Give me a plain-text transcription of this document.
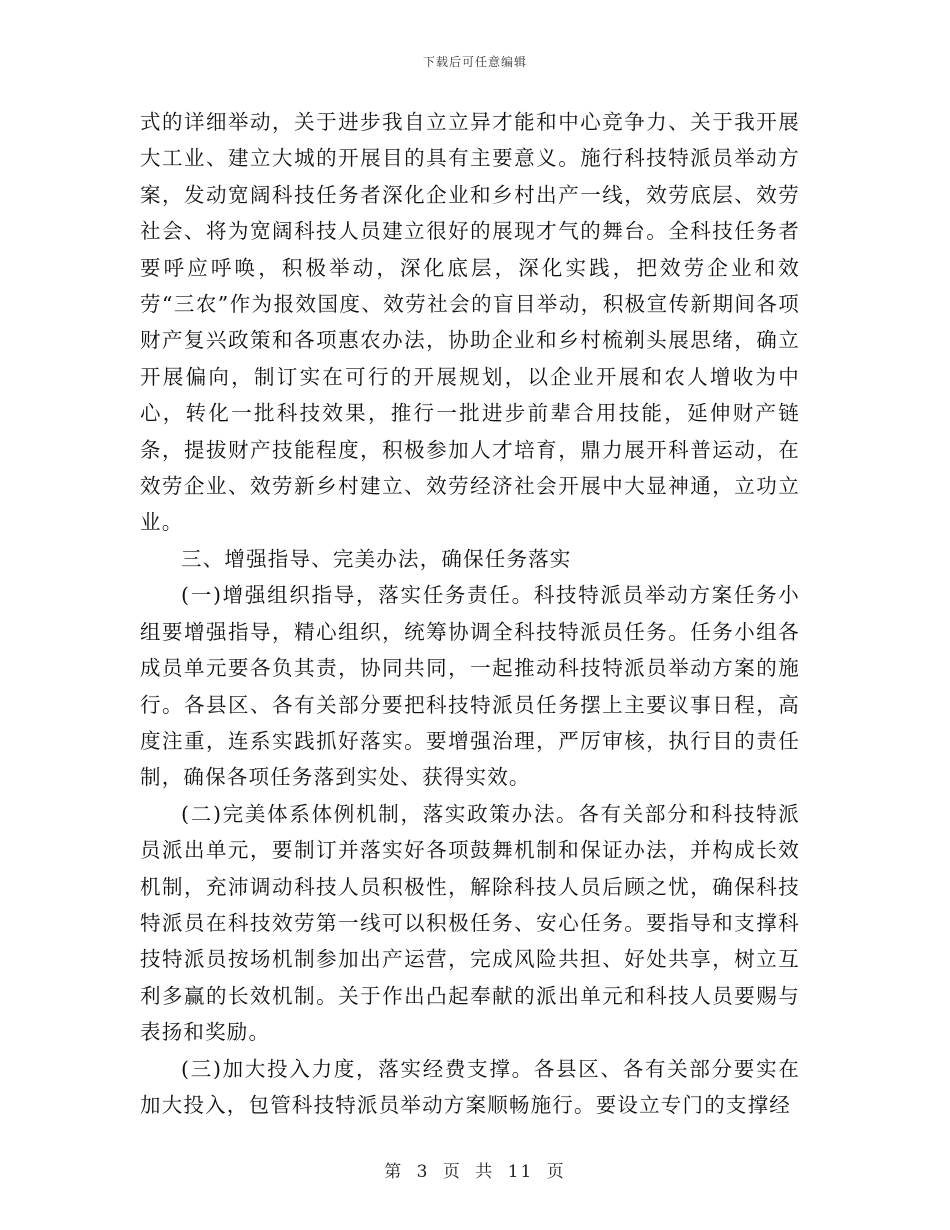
下载后可任意编辑

式的详细举动，关于进步我自立立异才能和中心竞争力、关于我开展大工业、建立大城的开展目的具有主要意义。施行科技特派员举动方案，发动宽阔科技任务者深化企业和乡村出产一线，效劳底层、效劳社会、将为宽阔科技人员建立很好的展现才气的舞台。全科技任务者要呼应呼唤，积极举动，深化底层，深化实践，把效劳企业和效劳“三农”作为报效国度、效劳社会的盲目举动，积极宣传新期间各项财产复兴政策和各项惠农办法，协助企业和乡村梳剃头展思绪，确立开展偏向，制订实在可行的开展规划，以企业开展和农人增收为中心，转化一批科技效果，推行一批进步前辈合用技能，延伸财产链条，提拔财产技能程度，积极参加人才培育，鼎力展开科普运动，在效劳企业、效劳新乡村建立、效劳经济社会开展中大显神通，立功立业。

三、增强指导、完美办法，确保任务落实

(一)增强组织指导，落实任务责任。科技特派员举动方案任务小组要增强指导，精心组织，统筹协调全科技特派员任务。任务小组各成员单元要各负其责，协同共同，一起推动科技特派员举动方案的施行。各县区、各有关部分要把科技特派员任务摆上主要议事日程，高度注重，连系实践抓好落实。要增强治理，严厉审核，执行目的责任制，确保各项任务落到实处、获得实效。

(二)完美体系体例机制，落实政策办法。各有关部分和科技特派员派出单元，要制订并落实好各项鼓舞机制和保证办法，并构成长效机制，充沛调动科技人员积极性，解除科技人员后顾之忧，确保科技特派员在科技效劳第一线可以积极任务、安心任务。要指导和支撑科技特派员按场机制参加出产运营，完成风险共担、好处共享，树立互利多赢的长效机制。关于作出凸起奉献的派出单元和科技人员要赐与表扬和奖励。

(三)加大投入力度，落实经费支撑。各县区、各有关部分要实在加大投入，包管科技特派员举动方案顺畅施行。要设立专门的支撑经

第 3 页 共 11 页
